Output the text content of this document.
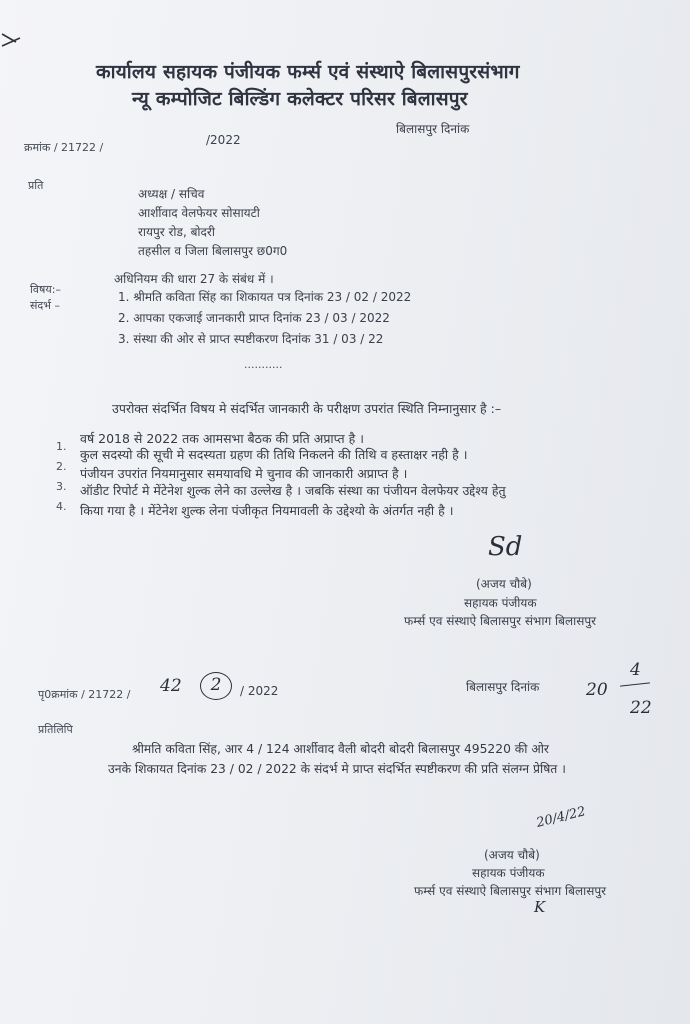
कार्यालय सहायक पंजीयक फर्म्स एवं संस्थाऐ बिलासपुरसंभाग
न्यू कम्पोजिट बिल्डिंग कलेक्टर परिसर बिलासपुर
बिलासपुर दिनांक
क्रमांक / 21722 /
/2022
प्रति
अध्यक्ष / सचिव
आर्शीवाद वेलफेयर सोसायटी
रायपुर रोड, बोदरी
तहसील व जिला बिलासपुर छ0ग0
विषय:–
अधिनियम की धारा 27 के संबंध में ।
संदर्भ –
1. श्रीमति कविता सिंह का शिकायत पत्र दिनांक 23 / 02 / 2022
2. आपका एकजाई जानकारी प्राप्त दिनांक 23 / 03 / 2022
3. संस्था की ओर से प्राप्त स्पष्टीकरण दिनांक 31 / 03 / 22
...........
उपरोक्त संदर्भित विषय मे संदर्भित जानकारी के परीक्षण उपरांत स्थिति निम्नानुसार है :–
1.
वर्ष 2018 से 2022 तक आमसभा बैठक की प्रति अप्राप्त है ।
2.
कुल सदस्यो की सूची मे सदस्यता ग्रहण की तिथि निकलने की तिथि व हस्ताक्षर नही है ।
3.
पंजीयन उपरांत नियमानुसार समयावधि मे चुनाव की जानकारी अप्राप्त है ।
4.
ऑडीट रिपोर्ट मे मेंटेनेश शुल्क लेने का उल्लेख है । जबकि संस्था का पंजीयन वेलफेयर उद्देश्य हेतु
किया गया है । मेंटेनेश शुल्क लेना पंजीकृत नियमावली के उद्देश्यो के अंतर्गत नही है ।
Sd
(अजय चौबे)
सहायक पंजीयक
फर्म्स एव संस्थाऐ बिलासपुर संभाग बिलासपुर
पृ0क्रमांक / 21722 / 42	2	/ 2022	बिलासपुर दिनांक	20
4
22
प्रतिलिपि
श्रीमति कविता सिंह, आर 4 / 124 आर्शीवाद वैली बोदरी बोदरी बिलासपुर 495220 की ओर
उनके शिकायत दिनांक 23 / 02 / 2022 के संदर्भ मे प्राप्त संदर्भित स्पष्टीकरण की प्रति संलग्न प्रेषित ।
20/4/22
(अजय चौबे)
सहायक पंजीयक
फर्म्स एव संस्थाऐ बिलासपुर संभाग बिलासपुर
K
